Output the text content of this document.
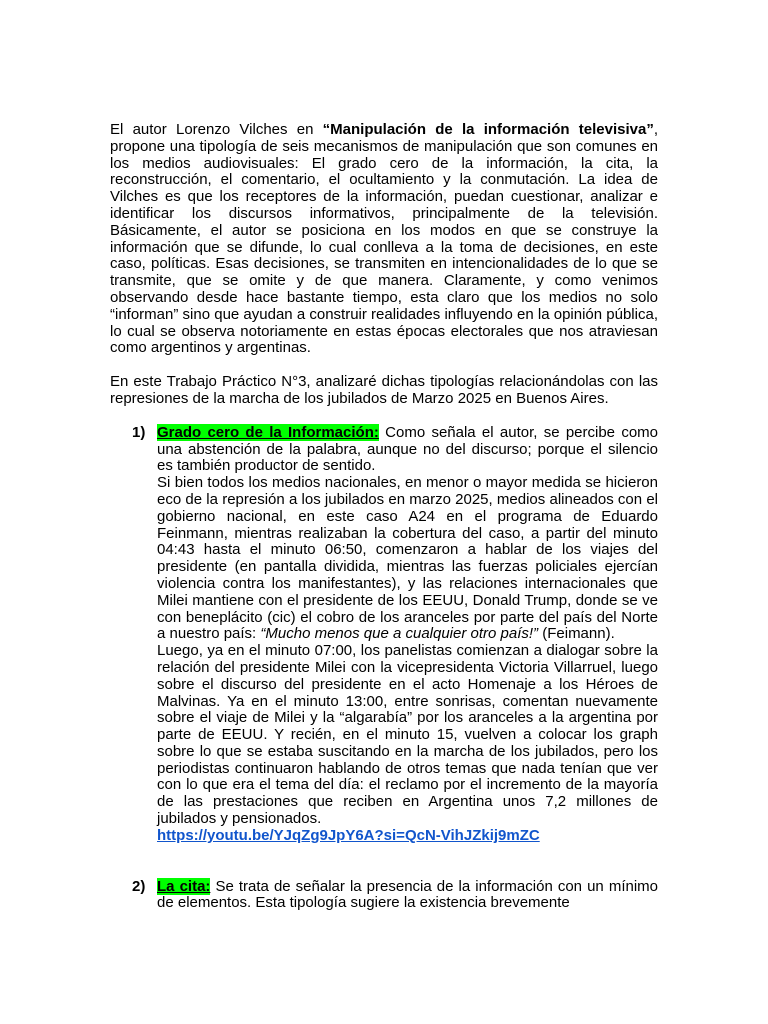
El autor Lorenzo Vilches en “Manipulación de la información televisiva”, propone una tipología de seis mecanismos de manipulación que son comunes en los medios audiovisuales: El grado cero de la información, la cita, la reconstrucción, el comentario, el ocultamiento y la conmutación. La idea de Vilches es que los receptores de la información, puedan cuestionar, analizar e identificar los discursos informativos, principalmente de la televisión. Básicamente, el autor se posiciona en los modos en que se construye la información que se difunde, lo cual conlleva a la toma de decisiones, en este caso, políticas. Esas decisiones, se transmiten en intencionalidades de lo que se transmite, que se omite y de que manera. Claramente, y como venimos observando desde hace bastante tiempo, esta claro que los medios no solo “informan” sino que ayudan a construir realidades influyendo en la opinión pública, lo cual se observa notoriamente en estas épocas electorales que nos atraviesan como argentinos y argentinas.

En este Trabajo Práctico N°3, analizaré dichas tipologías relacionándolas con las represiones de la marcha de los jubilados de Marzo 2025 en Buenos Aires.

1) Grado cero de la Información: Como señala el autor, se percibe como una abstención de la palabra, aunque no del discurso; porque el silencio es también productor de sentido.

Si bien todos los medios nacionales, en menor o mayor medida se hicieron eco de la represión a los jubilados en marzo 2025, medios alineados con el gobierno nacional, en este caso A24 en el programa de Eduardo Feinmann, mientras realizaban la cobertura del caso, a partir del minuto 04:43 hasta el minuto 06:50, comenzaron a hablar de los viajes del presidente (en pantalla dividida, mientras las fuerzas policiales ejercían violencia contra los manifestantes), y las relaciones internacionales que Milei mantiene con el presidente de los EEUU, Donald Trump, donde se ve con beneplácito (cic) el cobro de los aranceles por parte del país del Norte a nuestro país: “Mucho menos que a cualquier otro país!” (Feimann).

Luego, ya en el minuto 07:00, los panelistas comienzan a dialogar sobre la relación del presidente Milei con la vicepresidenta Victoria Villarruel, luego sobre el discurso del presidente en el acto Homenaje a los Héroes de Malvinas. Ya en el minuto 13:00, entre sonrisas, comentan nuevamente sobre el viaje de Milei y la “algarabía” por los aranceles a la argentina por parte de EEUU. Y recién, en el minuto 15, vuelven a colocar los graph sobre lo que se estaba suscitando en la marcha de los jubilados, pero los periodistas continuaron hablando de otros temas que nada tenían que ver con lo que era el tema del día: el reclamo por el incremento de la mayoría de las prestaciones que reciben en Argentina unos 7,2 millones de jubilados y pensionados.

https://youtu.be/YJqZg9JpY6A?si=QcN-VihJZkij9mZC

2) La cita: Se trata de señalar la presencia de la información con un mínimo de elementos. Esta tipología sugiere la existencia brevemente
